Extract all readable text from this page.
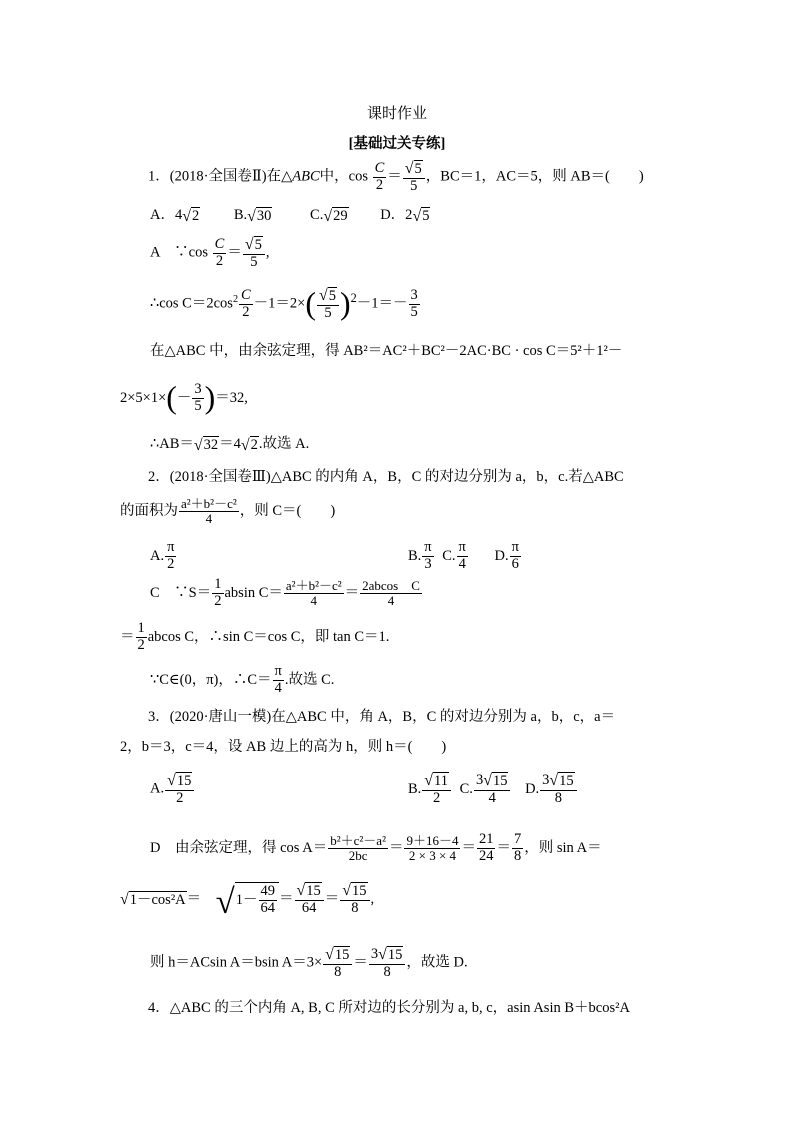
课时作业
[基础过关专练]
1．(2018·全国卷Ⅱ)在△ABC中，$\cos \frac{C}{2} = \frac{√ 5}{5}$ ，BC＝1，AC＝5，则 AB＝(　　)
A．4 √ 2 B. √ 30	C. √ 29 D．2 √ 5
A　 ∵cos $\frac{C}{2} = \frac{√ 5}{5}$ ,
∴cos $C=2\cos^2 \frac{C}{2} -1=2\times( \frac{√ 5}{5} )^2-1=- \frac{3}{5}$
在△ABC 中，由余弦定理，得 AB²＝AC²＋BC²－2AC·BC · cos C＝5²＋1²－
$2\times 5\times 1\times(- \frac{3}{5} )=32$,
∴AB＝ √ 32 ＝4 √ 2 .故选 A.
2．(2018·全国卷Ⅲ)△ABC 的内角 A，B，C 的对边分别为 a，b，c.若△ABC
的面积为 $\frac{\text{a²＋b²－c²}}{4}$ ，则 C＝(　　)
A. $\frac{\pi}{2}$	B. $\frac{\pi}{3} C$. $\frac{\pi}{4} D$. $\frac{\pi}{6}$
C　∵S＝ $\frac{1}{2}$ absin $C= \frac{\text{a²＋b²－c²}}{4} = \frac{\text{2abcos　C}}{4}$
＝ $\frac{1}{2}$ abcos C，∴sin C＝cos C，即 tan C＝1.
∵C∈(0，π)，∴C＝ $\frac{\pi}{4}$ .故选 C.
3．(2020·唐山一模)在△ABC 中，角 A，B，C 的对边分别为 a，b，c，a＝
2，b＝3，c＝4，设 AB 边上的高为 h，则 h＝(　　)
A. $\frac{√ 15}{2}$	B. $\frac{√ 11}{2} C$. $\frac{3 √ 15}{4} D$. $\frac{3 √ 15}{8}$
D　由余弦定理，得 $\cos A= \frac{\text{b²＋c²－a²}}{2bc} = \frac{9+16-4}{2 \times 3 \times 4} = \frac{21}{24} = \frac{7}{8}$ ，则 sin A＝
√ 1－cos²A ＝　 √ $1- \frac{49}{64} = \frac{√ 15}{64} = \frac{√ 15}{8}$ ,
则 h＝ACsin A＝bsin $A=3\times \frac{√ 15}{8} = \frac{3 √ 15}{8}$ ，故选 D.
4．△ABC 的三个内角 A, B, C 所对边的长分别为 a, b, c，asin Asin B＋bcos²A
